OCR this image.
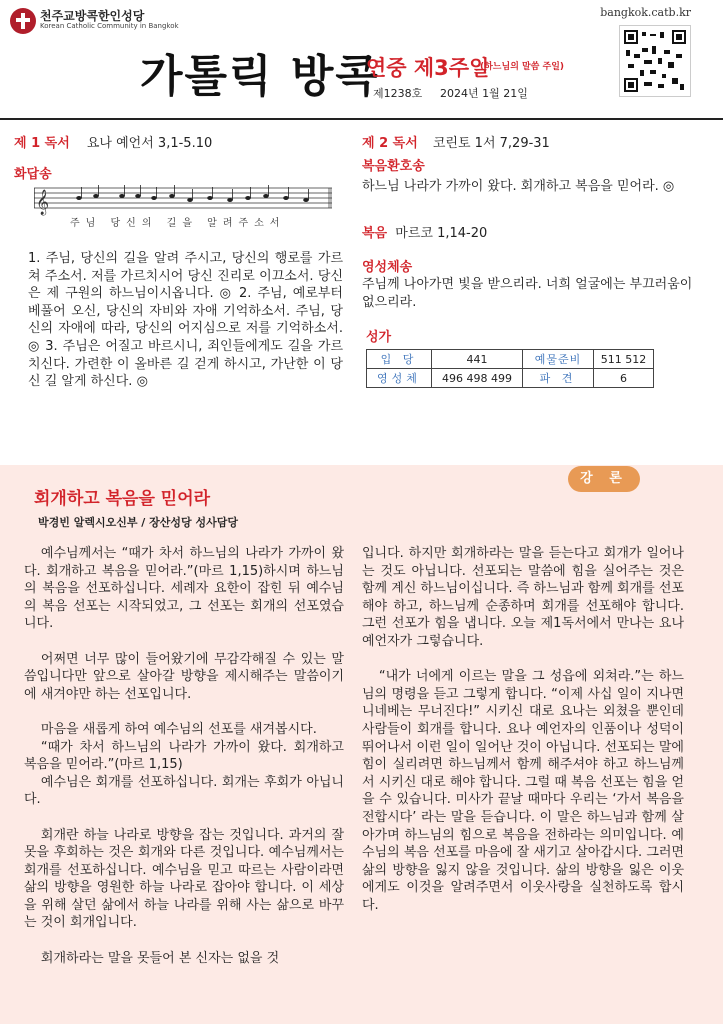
천주교방콕한인성당
Korean Catholic Community in Bangkok
bangkok.catb.kr
가톨릭 방콕
연중 제3주일
(하느님의 말씀 주일)
제1238호 2024년 1월 21일
제 1 독서 요나 예언서 3,1-5.10
화답송
𝄞
주님 당신의 길을 알려주소서
1. 주님, 당신의 길을 알려 주시고, 당신의 행로를 가르쳐 주소서. 저를 가르치시어 당신 진리로 이끄소서. 당신은 제 구원의 하느님이시옵니다. ◎ 2. 주님, 예로부터 베풀어 오신, 당신의 자비와 자애 기억하소서. 주님, 당신의 자애에 따라, 당신의 어지심으로 저를 기억하소서. ◎ 3. 주님은 어질고 바르시니, 죄인들에게도 길을 가르치신다. 가련한 이 올바른 길 걷게 하시고, 가난한 이 당신 길 알게 하신다. ◎
제 2 독서 코린토 1서 7,29-31
복음환호송
하느님 나라가 가까이 왔다. 회개하고 복음을 믿어라. ◎
복음 마르코 1,14-20
영성체송
주님께 나아가면 빛을 받으리라. 너희 얼굴에는 부끄러움이 없으리라.
성가
입 당	441	예물준비	511 512
영성체	496 498 499	파 견	6
강 론
회개하고 복음을 믿어라
박경빈 알렉시오신부 / 장산성당 성사담당

예수님께서는 “때가 차서 하느님의 나라가 가까이 왔다. 회개하고 복음을 믿어라.”(마르 1,15)하시며 하느님의 복음을 선포하십니다. 세례자 요한이 잡힌 뒤 예수님의 복음 선포는 시작되었고, 그 선포는 회개의 선포였습니다.

어쩌면 너무 많이 들어왔기에 무감각해질 수 있는 말씀입니다만 앞으로 살아갈 방향을 제시해주는 말씀이기에 새겨야만 하는 선포입니다.

마음을 새롭게 하여 예수님의 선포를 새겨봅시다.

“때가 차서 하느님의 나라가 가까이 왔다. 회개하고 복음을 믿어라.”(마르 1,15)

예수님은 회개를 선포하십니다. 회개는 후회가 아닙니다.

회개란 하늘 나라로 방향을 잡는 것입니다. 과거의 잘못을 후회하는 것은 회개와 다른 것입니다. 예수님께서는 회개를 선포하십니다. 예수님을 믿고 따르는 사람이라면 삶의 방향을 영원한 하늘 나라로 잡아야 합니다. 이 세상을 위해 살던 삶에서 하늘 나라를 위해 사는 삶으로 바꾸는 것이 회개입니다.

회개하라는 말을 못들어 본 신자는 없을 것

입니다. 하지만 회개하라는 말을 듣는다고 회개가 일어나는 것도 아닙니다. 선포되는 말씀에 힘을 실어주는 것은 함께 계신 하느님이십니다. 즉 하느님과 함께 회개를 선포해야 하고, 하느님께 순종하며 회개를 선포해야 합니다. 그런 선포가 힘을 냅니다. 오늘 제1독서에서 만나는 요나 예언자가 그렇습니다.

“내가 너에게 이르는 말을 그 성읍에 외쳐라.”는 하느님의 명령을 듣고 그렇게 합니다. “이제 사십 일이 지나면 니네베는 무너진다!” 시키신 대로 요나는 외쳤을 뿐인데 사람들이 회개를 합니다. 요나 예언자의 인품이나 성덕이 뛰어나서 이런 일이 일어난 것이 아닙니다. 선포되는 말에 힘이 실리려면 하느님께서 함께 해주셔야 하고 하느님께서 시키신 대로 해야 합니다. 그럴 때 복음 선포는 힘을 얻을 수 있습니다. 미사가 끝날 때마다 우리는 ‘가서 복음을 전합시다’ 라는 말을 듣습니다. 이 말은 하느님과 함께 살아가며 하느님의 힘으로 복음을 전하라는 의미입니다. 예수님의 복음 선포를 마음에 잘 새기고 살아갑시다. 그러면 삶의 방향을 잃지 않을 것입니다. 삶의 방향을 잃은 이웃에게도 이것을 알려주면서 이웃사랑을 실천하도록 합시다.
